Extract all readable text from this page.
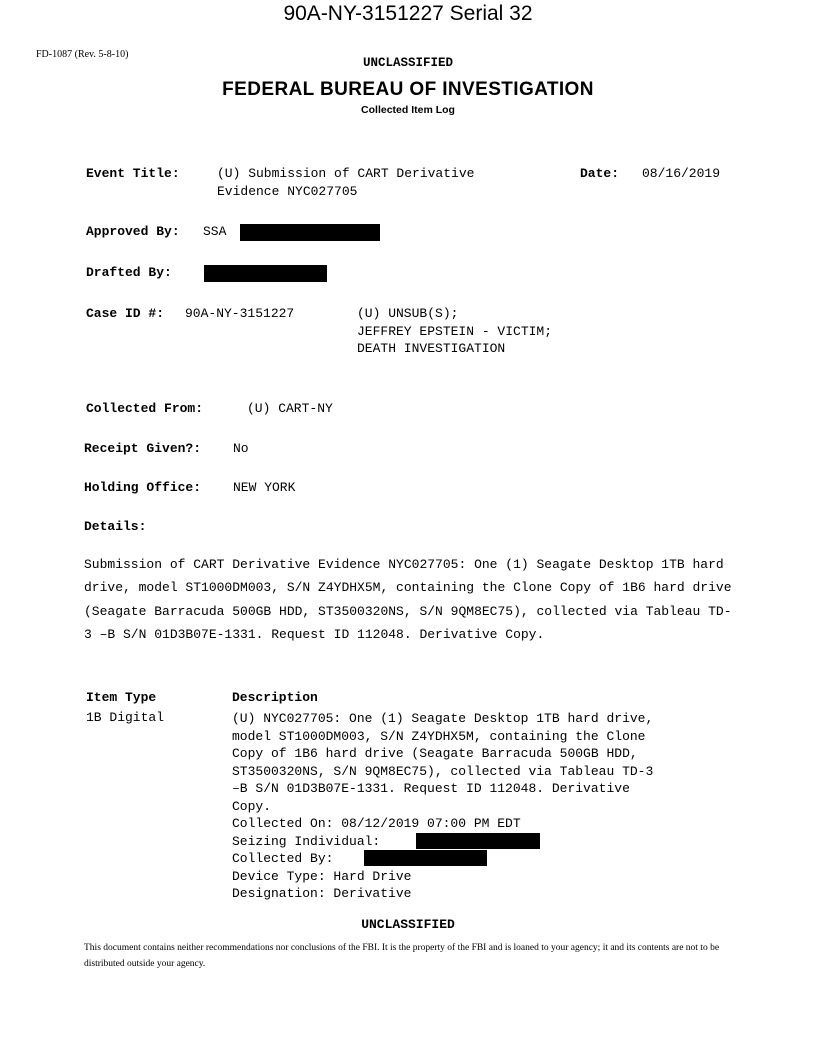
90A-NY-3151227 Serial 32
FD-1087 (Rev. 5-8-10)
UNCLASSIFIED
FEDERAL BUREAU OF INVESTIGATION
Collected Item Log
Event Title:	(U) Submission of CART Derivative
Evidence NYC027705
Date: 08/16/2019
Approved By: SSA
Drafted By:
Case ID #: 90A-NY-3151227	(U) UNSUB(S);
JEFFREY EPSTEIN - VICTIM;
DEATH INVESTIGATION
Collected From:	(U) CART-NY
Receipt Given?: No
Holding Office: NEW YORK
Details:
Submission of CART Derivative Evidence NYC027705: One (1) Seagate Desktop 1TB hard drive, model ST1000DM003, S/N Z4YDHX5M, containing the Clone Copy of 1B6 hard drive (Seagate Barracuda 500GB HDD, ST3500320NS, S/N 9QM8EC75), collected via Tableau TD-3 –B S/N 01D3B07E-1331. Request ID 112048. Derivative Copy.
Item Type	Description
1B Digital	(U) NYC027705: One (1) Seagate Desktop 1TB hard drive,
model ST1000DM003, S/N Z4YDHX5M, containing the Clone
Copy of 1B6 hard drive (Seagate Barracuda 500GB HDD,
ST3500320NS, S/N 9QM8EC75), collected via Tableau TD-3
–B S/N 01D3B07E-1331. Request ID 112048. Derivative
Copy.
Collected On: 08/12/2019 07:00 PM EDT
Seizing Individual:
Collected By:
Device Type: Hard Drive
Designation: Derivative
UNCLASSIFIED
This document contains neither recommendations nor conclusions of the FBI. It is the property of the FBI and is loaned to your agency; it and its contents are not to be distributed outside your agency.
